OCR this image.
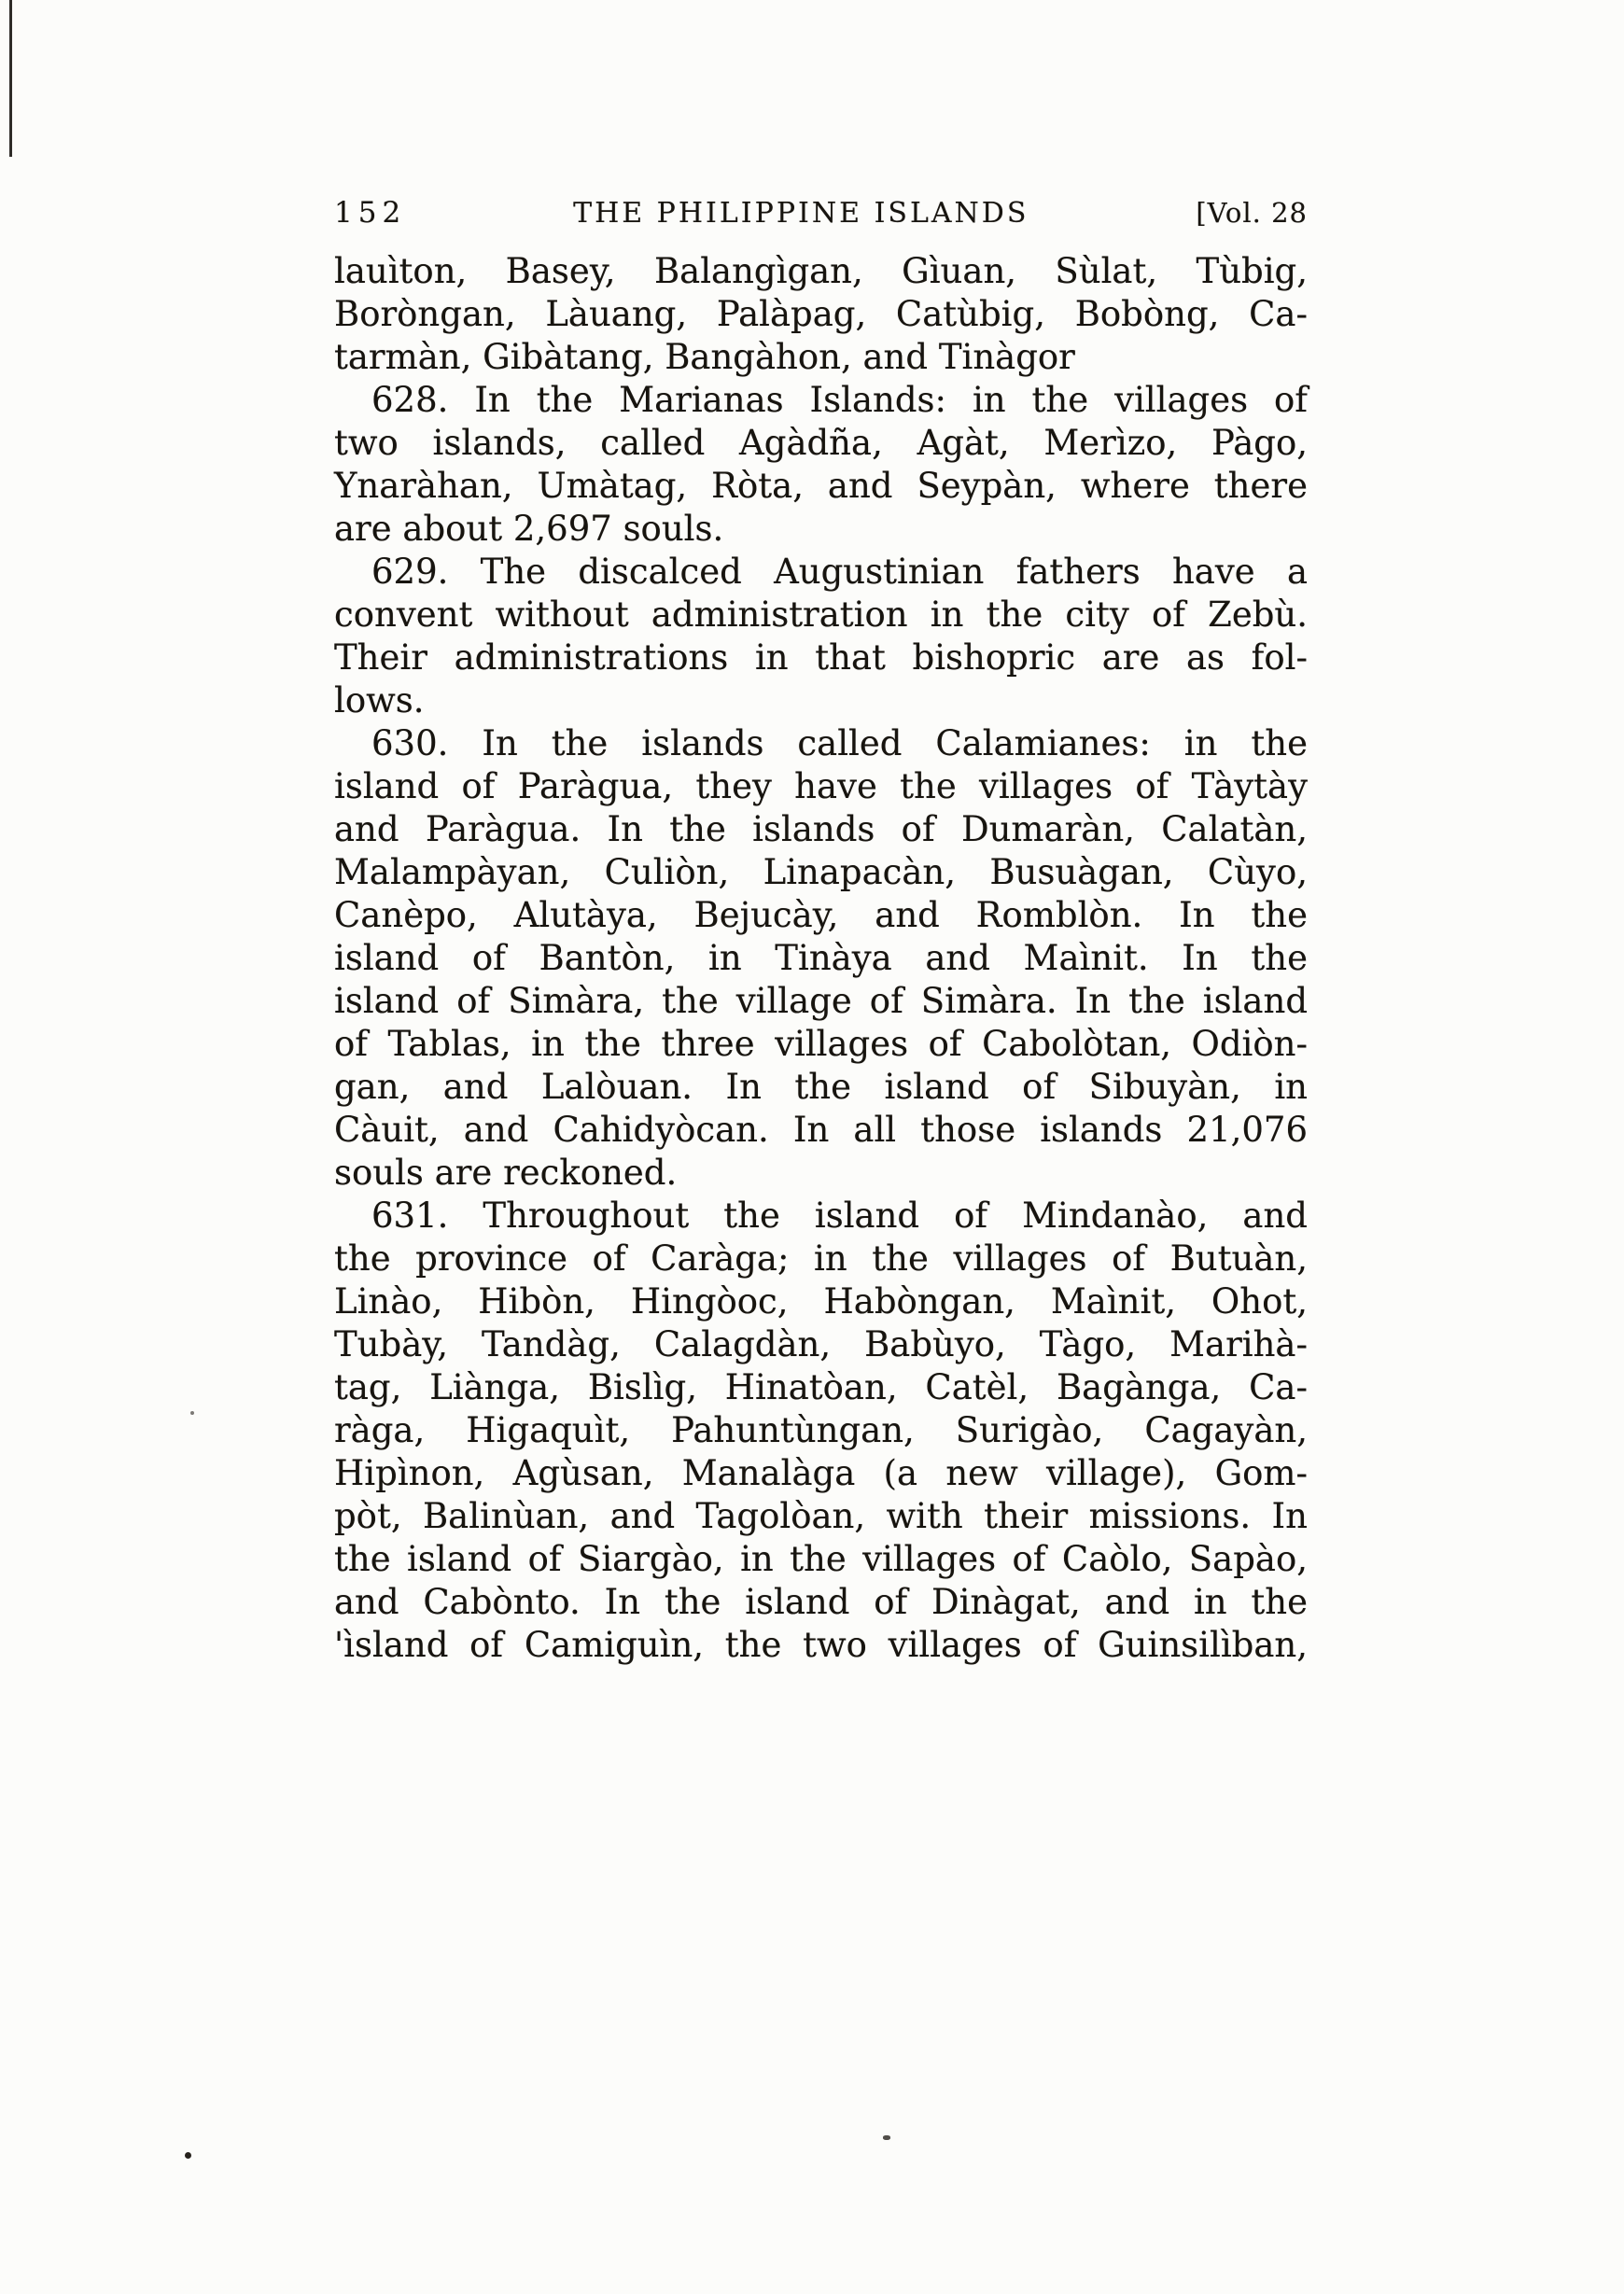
152	THE PHILIPPINE ISLANDS	[Vol. 28
lauìton, Basey, Balangìgan, Gìuan, Sùlat, Tùbig,
Boròngan, Làuang, Palàpag, Catùbig, Bobòng, Ca-
tarmàn, Gibàtang, Bangàhon, and Tinàgor
628. In the Marianas Islands: in the villages of
two islands, called Agàdña, Agàt, Merìzo, Pàgo,
Ynaràhan, Umàtag, Ròta, and Seypàn, where there
are about 2,697 souls.
629. The discalced Augustinian fathers have a
convent without administration in the city of Zebù.
Their administrations in that bishopric are as fol-
lows.
630. In the islands called Calamianes: in the
island of Paràgua, they have the villages of Tàytày
and Paràgua. In the islands of Dumaràn, Calatàn,
Malampàyan, Culiòn, Linapacàn, Busuàgan, Cùyo,
Canèpo, Alutàya, Bejucày, and Romblòn. In the
island of Bantòn, in Tinàya and Maìnit. In the
island of Simàra, the village of Simàra. In the island
of Tablas, in the three villages of Cabolòtan, Odiòn-
gan, and Lalòuan. In the island of Sibuyàn, in
Càuit, and Cahidyòcan. In all those islands 21,076
souls are reckoned.
631. Throughout the island of Mindanào, and
the province of Caràga; in the villages of Butuàn,
Linào, Hibòn, Hingòoc, Habòngan, Maìnit, Ohot,
Tubày, Tandàg, Calagdàn, Babùyo, Tàgo, Marihà-
tag, Liànga, Bislìg, Hinatòan, Catèl, Bagànga, Ca-
ràga, Higaquìt, Pahuntùngan, Surigào, Cagayàn,
Hipìnon, Agùsan, Manalàga (a new village), Gom-
pòt, Balinùan, and Tagolòan, with their missions. In
the island of Siargào, in the villages of Caòlo, Sapào,
and Cabònto. In the island of Dinàgat, and in the
'ìsland of Camiguìn, the two villages of Guinsilìban,
